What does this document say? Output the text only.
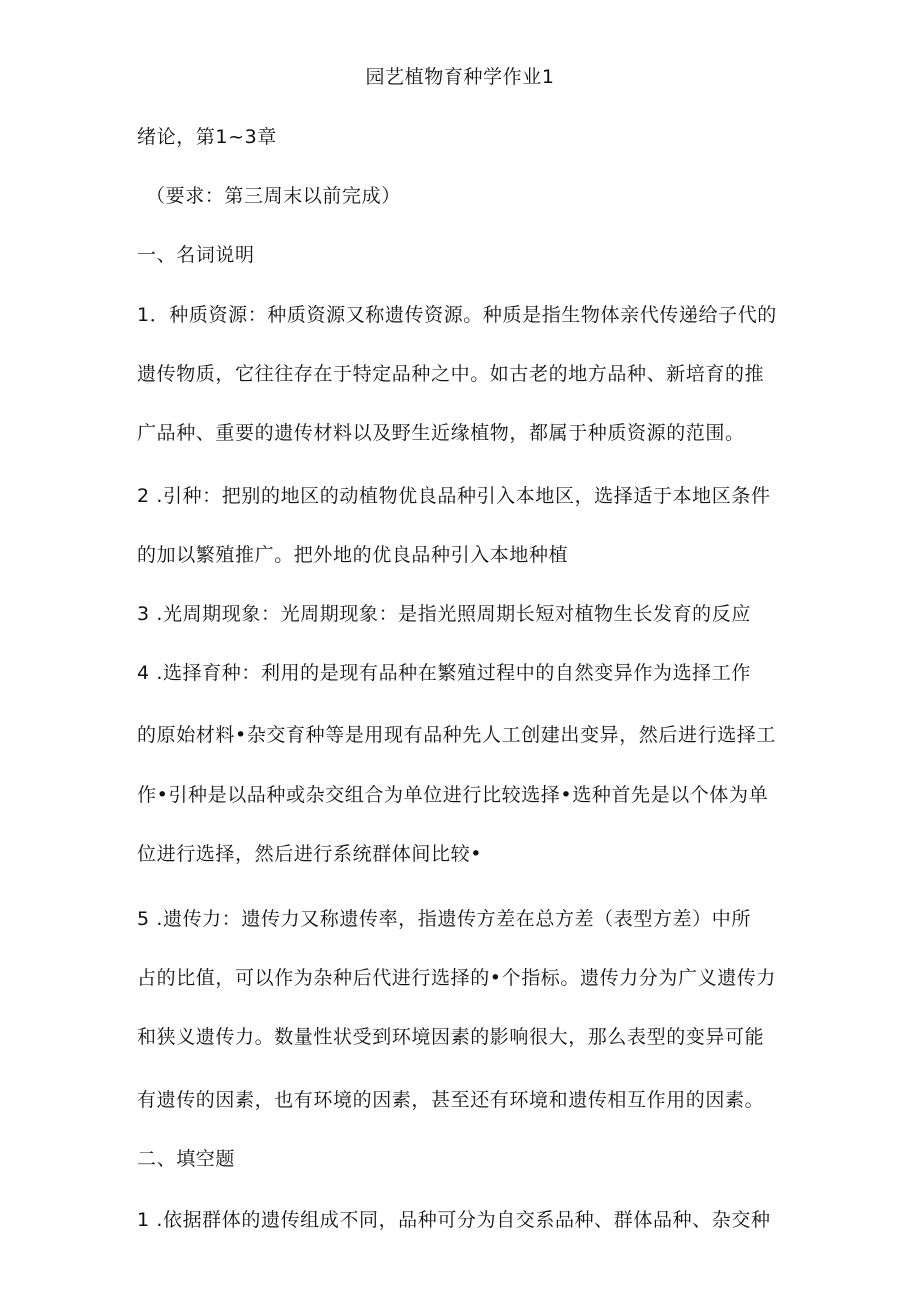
园艺植物育种学作业1
绪论，第1~3章
（要求：第三周末以前完成）
一、名词说明
1．种质资源：种质资源又称遗传资源。种质是指生物体亲代传递给子代的
遗传物质，它往往存在于特定品种之中。如古老的地方品种、新培育的推
广品种、重要的遗传材料以及野生近缘植物，都属于种质资源的范围。
2 .引种：把别的地区的动植物优良品种引入本地区，选择适于本地区条件
的加以繁殖推广。把外地的优良品种引入本地种植
3 .光周期现象：光周期现象：是指光照周期长短对植物生长发育的反应
4 .选择育种：利用的是现有品种在繁殖过程中的自然变异作为选择工作
的原始材料•杂交育种等是用现有品种先人工创建出变异，然后进行选择工
作•引种是以品种或杂交组合为单位进行比较选择•选种首先是以个体为单
位进行选择，然后进行系统群体间比较•
5 .遗传力：遗传力又称遗传率，指遗传方差在总方差（表型方差）中所
占的比值，可以作为杂种后代进行选择的•个指标。遗传力分为广义遗传力
和狭义遗传力。数量性状受到环境因素的影响很大，那么表型的变异可能
有遗传的因素，也有环境的因素，甚至还有环境和遗传相互作用的因素。
二、填空题
1 .依据群体的遗传组成不同，品种可分为自交系品种、群体品种、杂交种
